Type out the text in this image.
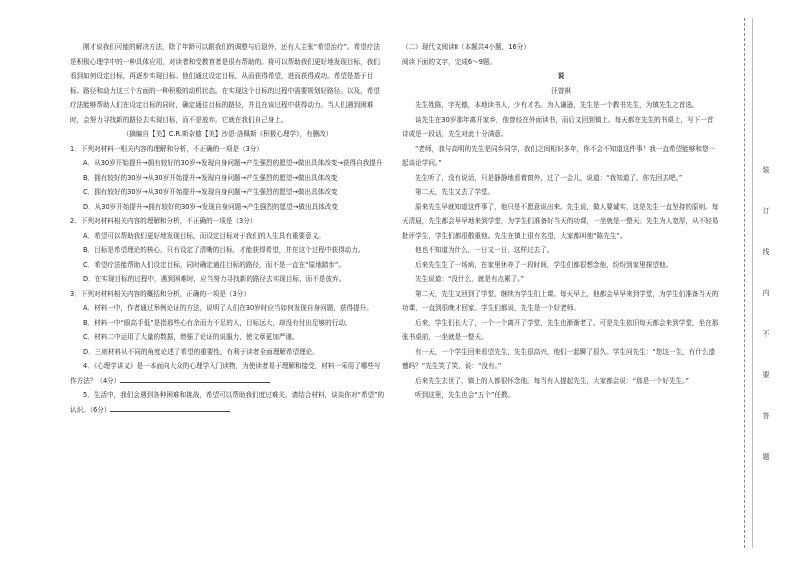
刚才说我们可能的解决方法，除了年龄可以跟我们的调整与后退外，还有人主张“希望治疗”。希望疗法是积极心理学中的一种具体应用，对读者和受教育者是很有帮助的。将可以帮助我们更好地发现目标，我们看到如何设定目标，再逐步实现目标。他们通过设定目标，从而获得希望，进而获得成功。希望是基于目标、路径和动力这三个方面的一种积极的动机状态。在实现这个目标的过程中需要规划好路径。以及，希望疗法能够帮助人们在设定目标的同时，确定通往目标的路径，并且在该过程中获得动力。当人们遇到困难时，会努力寻找新的路径去实现目标，而不是放弃。它就在我们自己身上。

（摘编自【美】C.R.斯奈德【美】沙恩·洛佩斯《积极心理学》，有删改）

1．下列对材料一相关内容的理解和分析，不正确的一项是（3分）

A．从30岁开始提升→拥有较好的30岁→发现自身问题→产生强烈的愿望→做出具体改变→获得自我提升

B．拥有较好的30岁→从30岁开始提升→发现自身问题→产生强烈的愿望→做出具体改变

C．拥有较好的30岁→从30岁开始提升→发现自身问题→产生强烈的愿望→做出具体改变

D．从30岁开始提升→拥有较好的30岁→发现自身问题→产生强烈的愿望→做出具体改变

2．下列对材料相关内容的理解和分析，不正确的一项是（3分）

A．希望可以帮助我们更好地发现目标，而设定目标对于我们的人生具有重要意义。

B．目标是希望理论的核心，只有设定了清晰的目标，才能获得希望，并在这个过程中获得动力。

C．希望疗法能帮助人们设定目标，同时确定通往目标的路径，而不是一直在“原地踏步”。

D．在实现目标的过程中，遇到困难时，应当努力寻找新的路径去实现目标，而不是放弃。

3．下列对材料相关内容的概括和分析，正确的一项是（3分）

A．材料一中，作者通过举例论证的方法，说明了人们在30岁时应当如何发现自身问题，获得提升。

B．材料一中“眼高手低”是指那些心有余而力不足的人，目标远大，却没有付出足够的行动。

C．材料二中运用了大量的数据，增强了论证的说服力，使文章更加严谨。

D．三则材料从不同的角度论述了希望的重要性，有利于读者全面理解希望理论。

4．《心理学讲义》是一本面向大众的心理学入门读物，为使读者易于理解和接受，材料一采用了哪些写作方法？（4分）

5．生活中，我们会遇到各种困难和挑战，希望可以帮助我们度过难关。请结合材料，谈谈你对“希望”的认识。（6分）

（二）现代文阅读Ⅱ（本题共4小题，16分）

阅读下面的文字，完成6～9题。

说

汪曾祺

先生姓陈，字光德，本地读书人，少有才名。为人谦逊，先生是一个教书先生，为镇先生之首选。

谈先生在30岁那年离开家乡，他曾经在外面读书，而后又回到镇上。每天都在先生的书桌上，写下一首诗或是一段话，先生对此十分满意。

“老师，我与高明的先生是同乡同学，我们之间相识多年，你不会不知道这件事！我一直希望能够和您一起谈论学问。”

先生听了，没有说话，只是静静地看着窗外，过了一会儿，说道：“我知道了，你先回去吧。”

第二天，先生又去了学堂。

原来先生早就知道这件事了，他只是不愿意说出来。先生说，做人要诚实，这是先生一直坚持的原则。每天清晨，先生都会早早地来到学堂，为学生们准备好当天的功课，一坐就是一整天。先生为人宽厚，从不轻易批评学生，学生们都很敬重他。先生在镇上很有名望，大家都叫他“陈先生”。

他也不知道为什么，一日又一日，这样过去了。

后来先生生了一场病，在家里休养了一段时间，学生们都很想念他，纷纷到家里探望他。

先生说道：“没什么，就是有点累了。”

第二天，先生又回到了学堂，继续为学生们上课。每天早上，他都会早早来到学堂，为学生们准备当天的功课，一直到很晚才回家。学生们都说，先生是一个好老师。

后来，学生们长大了，一个一个离开了学堂，先生也渐渐老了。可是先生依旧每天都会来到学堂，坐在那张书桌前，一坐就是一整天。

有一天，一个学生回来看望先生，先生很高兴，他们一起聊了很久。学生问先生：“您这一生，有什么遗憾吗？”先生笑了笑，说：“没有。”

后来先生去世了，镇上的人都很怀念他。每当有人提起先生，大家都会说：“那是一个好先生。”

听到这里，先生也会“五个”任教。

装
订
线
内
不
要
答
题
